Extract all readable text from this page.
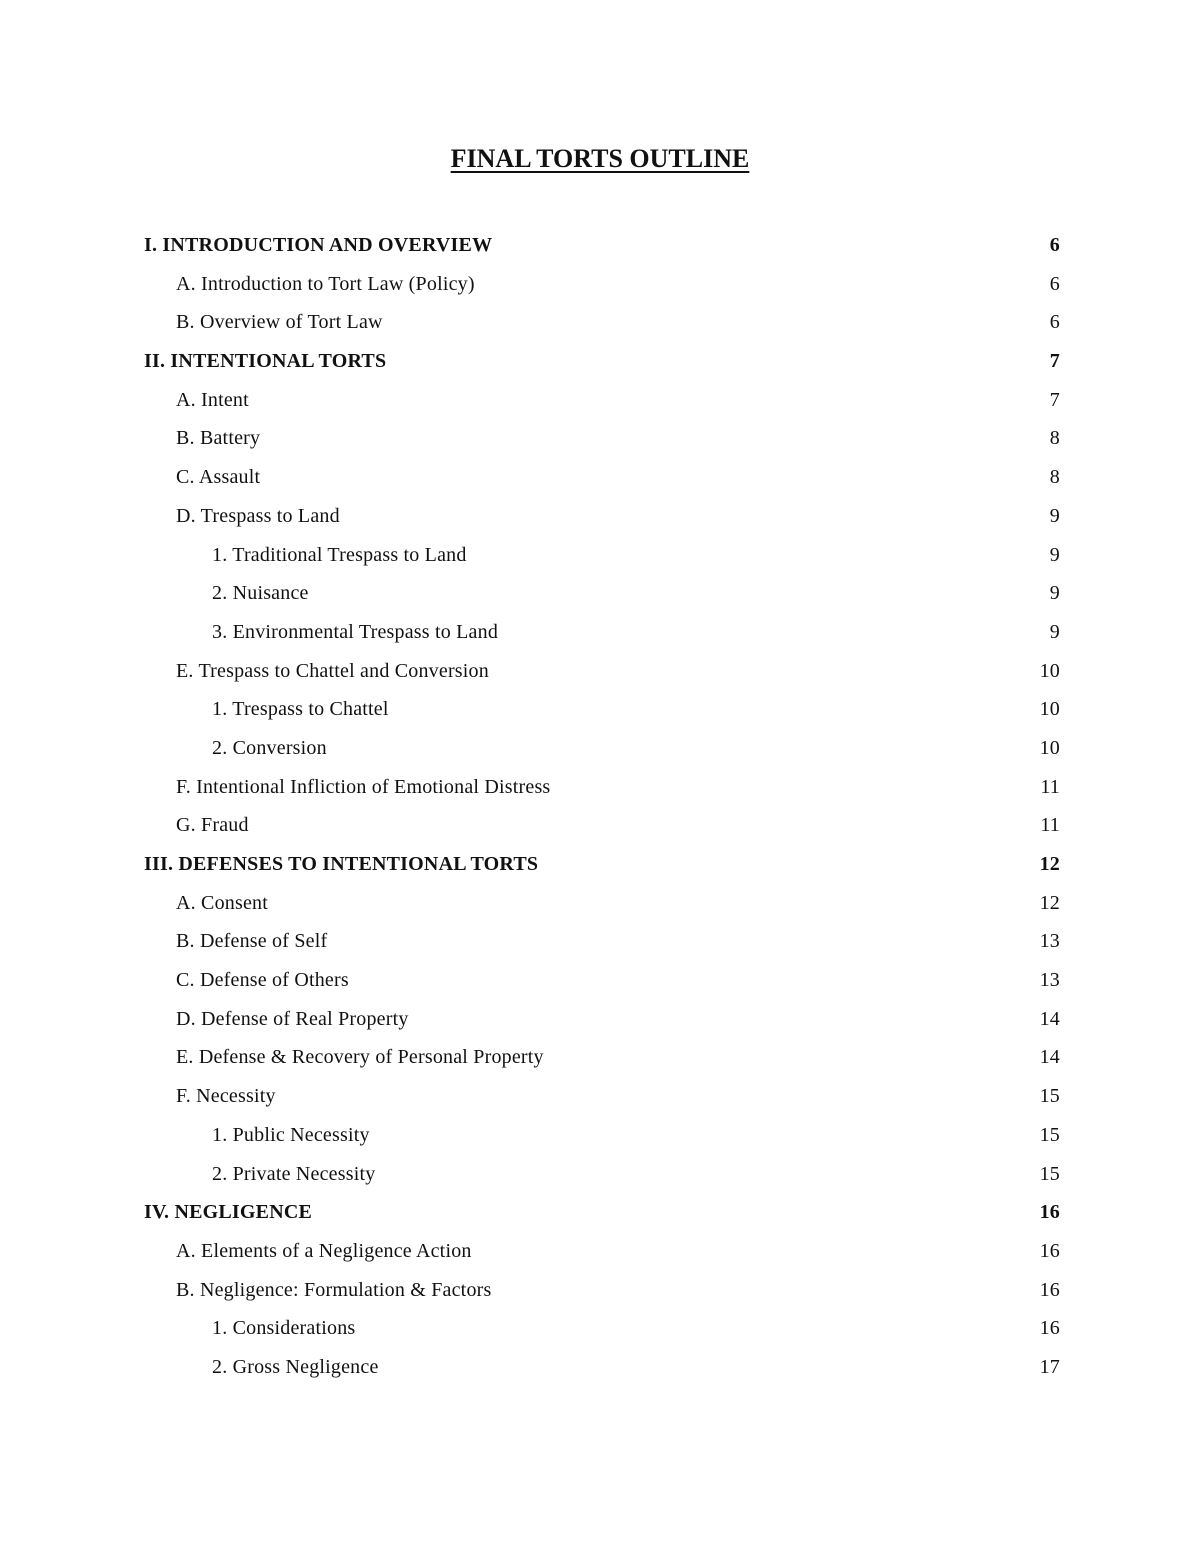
FINAL TORTS OUTLINE
I. INTRODUCTION AND OVERVIEW	6
A. Introduction to Tort Law (Policy)	6
B. Overview of Tort Law	6
II. INTENTIONAL TORTS	7
A. Intent	7
B. Battery	8
C. Assault	8
D. Trespass to Land	9
1. Traditional Trespass to Land	9
2. Nuisance	9
3. Environmental Trespass to Land	9
E. Trespass to Chattel and Conversion	10
1. Trespass to Chattel	10
2. Conversion	10
F. Intentional Infliction of Emotional Distress	11
G. Fraud	11
III. DEFENSES TO INTENTIONAL TORTS	12
A. Consent	12
B. Defense of Self	13
C. Defense of Others	13
D. Defense of Real Property	14
E. Defense & Recovery of Personal Property	14
F. Necessity	15
1. Public Necessity	15
2. Private Necessity	15
IV. NEGLIGENCE	16
A. Elements of a Negligence Action	16
B. Negligence: Formulation & Factors	16
1. Considerations	16
2. Gross Negligence	17
